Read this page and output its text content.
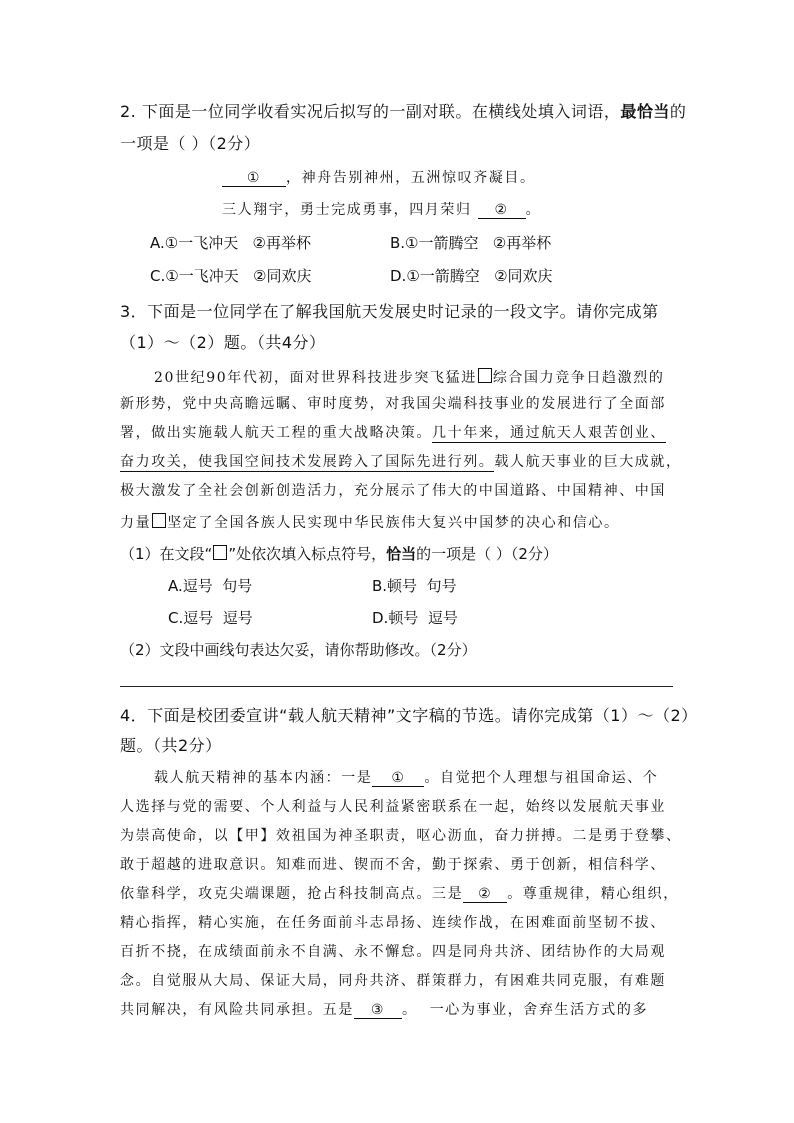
2. 下面是一位同学收看实况后拟写的一副对联。在横线处填入词语，最恰当的
一项是（ ）（2分）
① ，神舟告别神州，五洲惊叹齐凝目。
三人翔宇，勇士完成勇事，四月荣归 ② 。
A.①一飞冲天   ②再举杯	B.①一箭腾空   ②再举杯
C.①一飞冲天   ②同欢庆	D.①一箭腾空   ②同欢庆
3．下面是一位同学在了解我国航天发展史时记录的一段文字。请你完成第
（1）～（2）题。（共4分）
20世纪90年代初，面对世界科技进步突飞猛进 综合国力竞争日趋激烈的
新形势，党中央高瞻远瞩、审时度势，对我国尖端科技事业的发展进行了全面部
署，做出实施载人航天工程的重大战略决策。几十年来，通过航天人艰苦创业、
奋力攻关，使我国空间技术发展跨入了国际先进行列。载人航天事业的巨大成就，
极大激发了全社会创新创造活力，充分展示了伟大的中国道路、中国精神、中国
力量 坚定了全国各族人民实现中华民族伟大复兴中国梦的决心和信心。
（1）在文段“ ”处依次填入标点符号，恰当的一项是（ ）（2分）
A.逗号  句号	B.顿号  句号
C.逗号  逗号	D.顿号  逗号
（2）文段中画线句表达欠妥，请你帮助修改。（2分）
4．下面是校团委宣讲“载人航天精神”文字稿的节选。请你完成第（1）～（2）
题。（共2分）
载人航天精神的基本内涵：一是 ① 。自觉把个人理想与祖国命运、个
人选择与党的需要、个人利益与人民利益紧密联系在一起，始终以发展航天事业
为崇高使命，以【甲】效祖国为神圣职责，呕心沥血，奋力拼搏。二是勇于登攀、
敢于超越的进取意识。知难而进、锲而不舍，勤于探索、勇于创新，相信科学、
依靠科学，攻克尖端课题，抢占科技制高点。三是 ② 。尊重规律，精心组织，
精心指挥，精心实施，在任务面前斗志昂扬、连续作战，在困难面前坚韧不拔、
百折不挠，在成绩面前永不自满、永不懈怠。四是同舟共济、团结协作的大局观
念。自觉服从大局、保证大局，同舟共济、群策群力，有困难共同克服，有难题
共同解决，有风险共同承担。五是 ③ 。  一心为事业，舍弃生活方式的多
